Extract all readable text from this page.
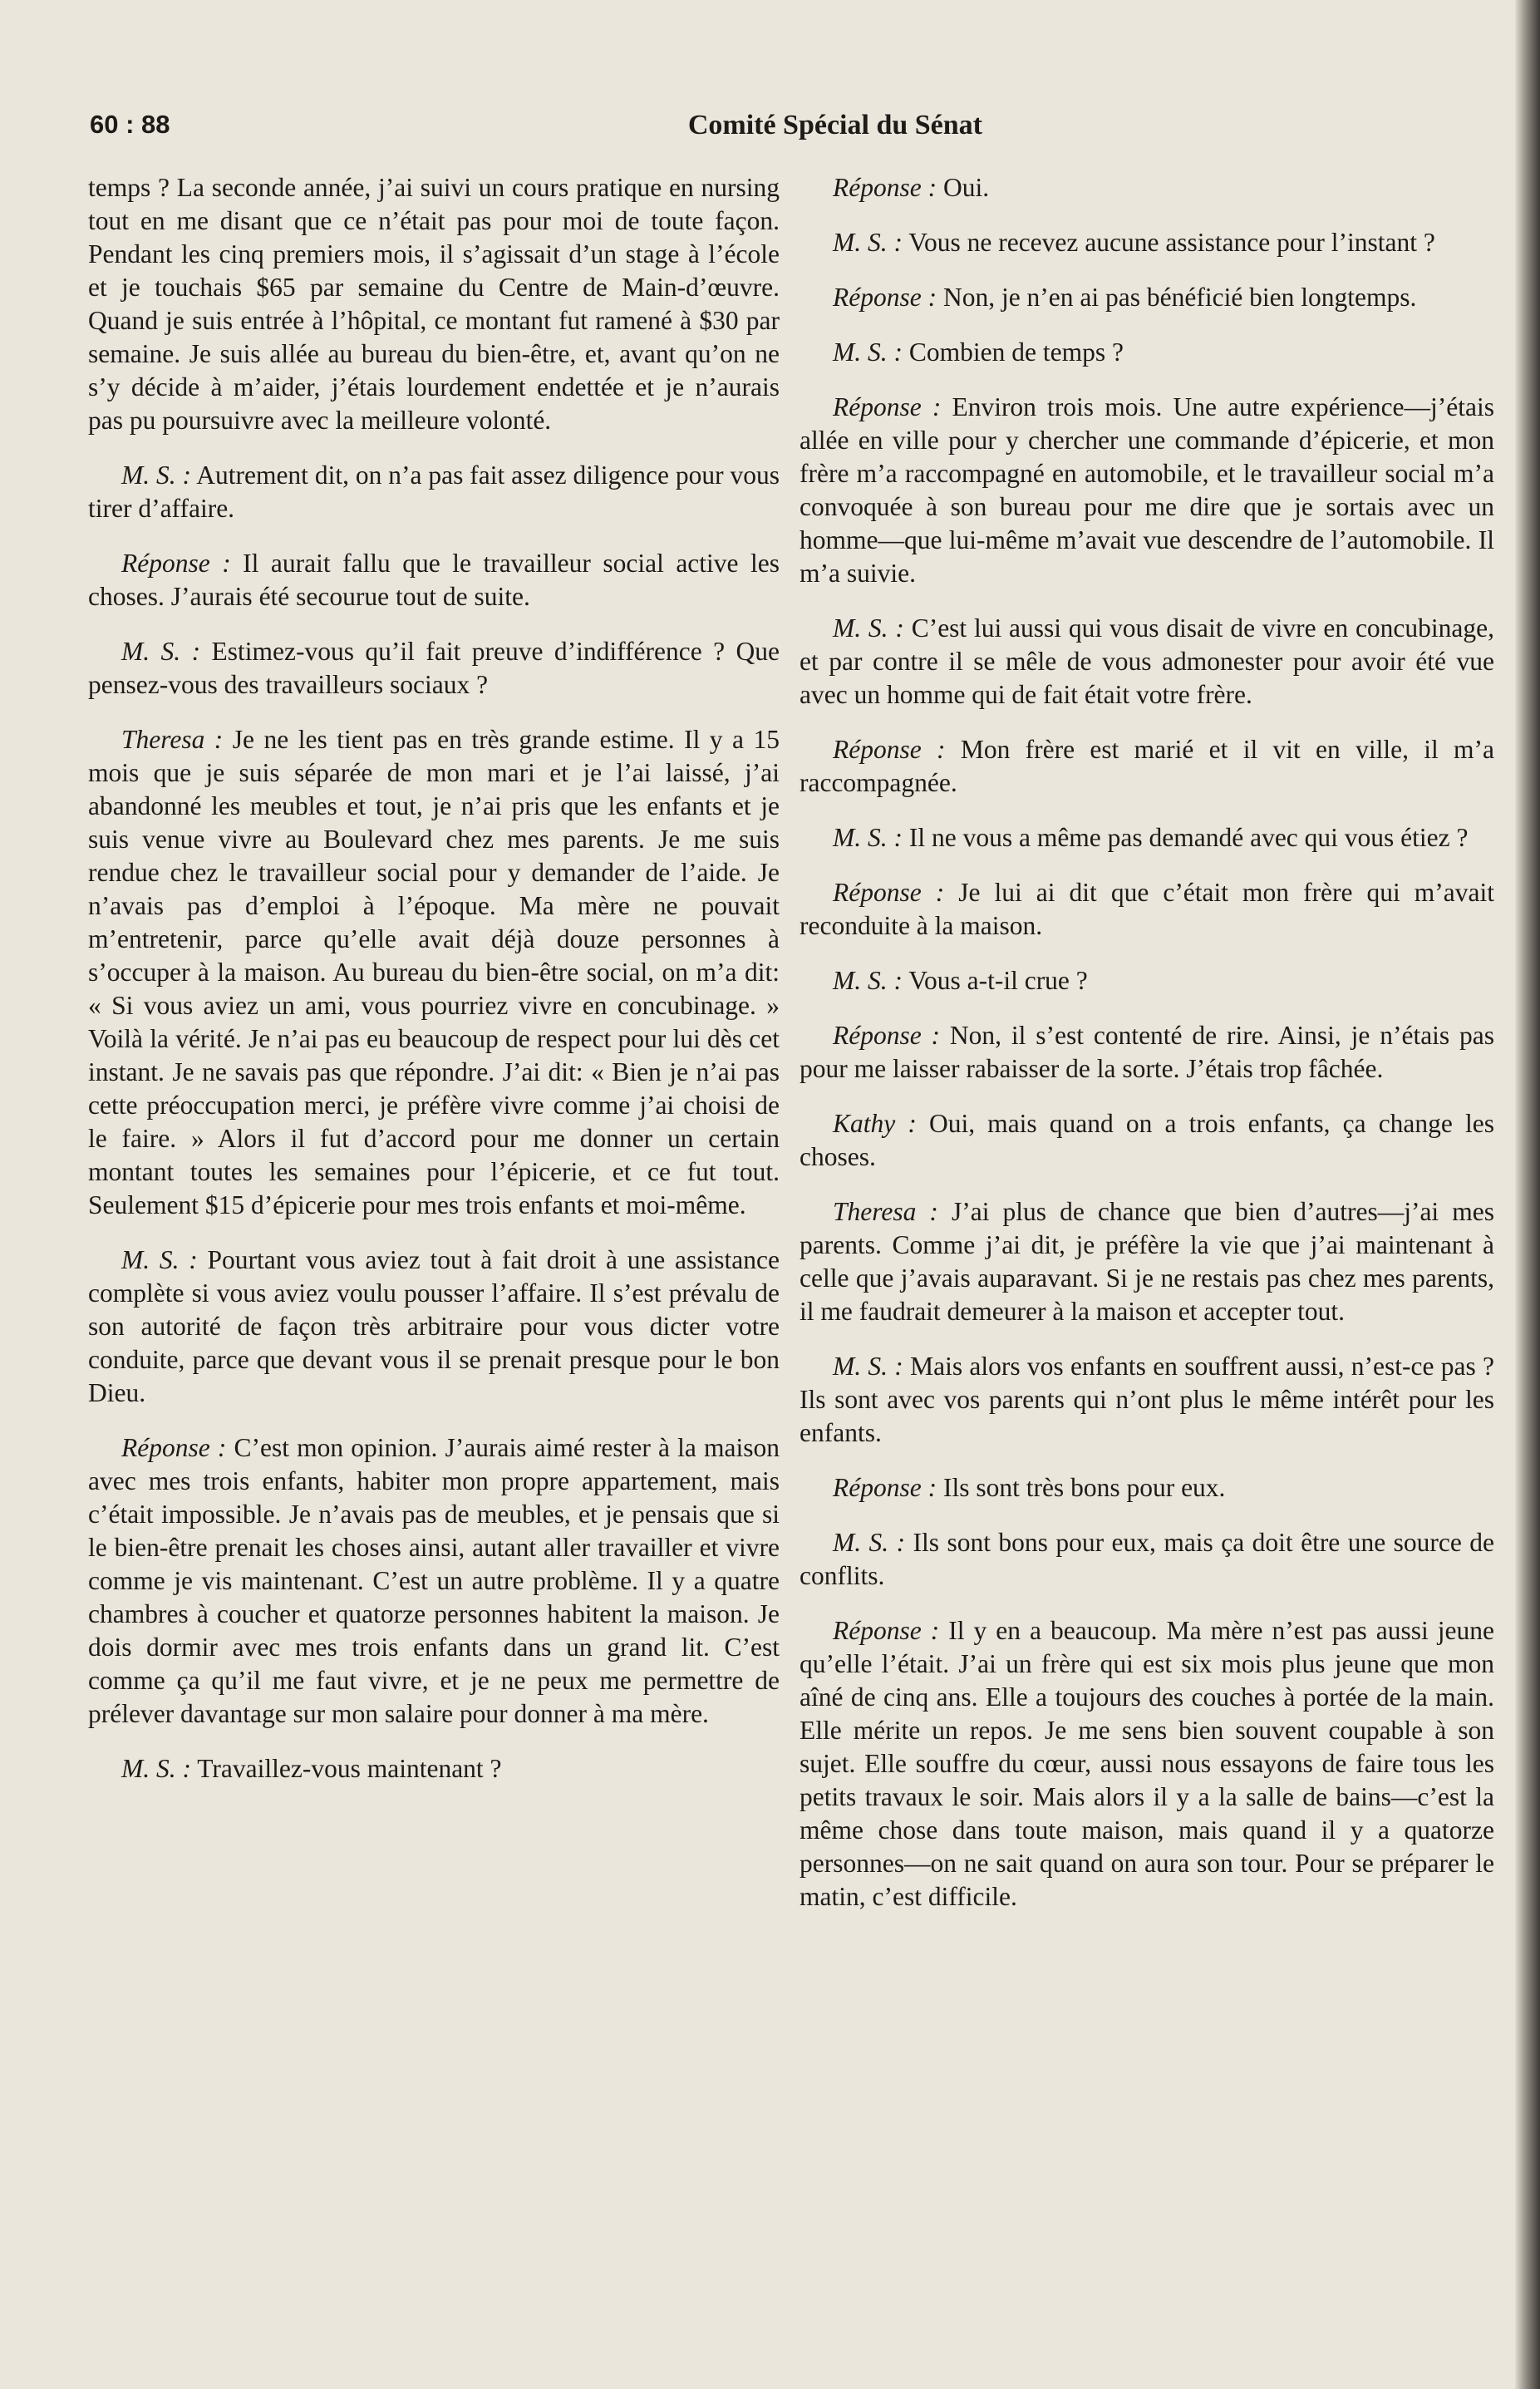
60 : 88	Comité Spécial du Sénat

temps ? La seconde année, j’ai suivi un cours pratique en nursing tout en me disant que ce n’était pas pour moi de toute façon. Pendant les cinq premiers mois, il s’agissait d’un stage à l’école et je touchais $65 par semaine du Centre de Main-d’œuvre. Quand je suis entrée à l’hôpital, ce montant fut ramené à $30 par semaine. Je suis allée au bureau du bien-être, et, avant qu’on ne s’y décide à m’aider, j’étais lourdement endettée et je n’aurais pas pu poursuivre avec la meilleure volonté.

M. S. : Autrement dit, on n’a pas fait assez diligence pour vous tirer d’affaire.

Réponse : Il aurait fallu que le travailleur social active les choses. J’aurais été secourue tout de suite.

M. S. : Estimez-vous qu’il fait preuve d’indifférence ? Que pensez-vous des travailleurs sociaux ?

Theresa : Je ne les tient pas en très grande estime. Il y a 15 mois que je suis séparée de mon mari et je l’ai laissé, j’ai abandonné les meubles et tout, je n’ai pris que les enfants et je suis venue vivre au Boulevard chez mes parents. Je me suis rendue chez le travailleur social pour y demander de l’aide. Je n’avais pas d’emploi à l’époque. Ma mère ne pouvait m’entretenir, parce qu’elle avait déjà douze personnes à s’occuper à la maison. Au bureau du bien-être social, on m’a dit: « Si vous aviez un ami, vous pourriez vivre en concubinage. » Voilà la vérité. Je n’ai pas eu beaucoup de respect pour lui dès cet instant. Je ne savais pas que répondre. J’ai dit: « Bien je n’ai pas cette préoccupation merci, je préfère vivre comme j’ai choisi de le faire. » Alors il fut d’accord pour me donner un certain montant toutes les semaines pour l’épicerie, et ce fut tout. Seulement $15 d’épicerie pour mes trois enfants et moi-même.

M. S. : Pourtant vous aviez tout à fait droit à une assistance complète si vous aviez voulu pousser l’affaire. Il s’est prévalu de son autorité de façon très arbitraire pour vous dicter votre conduite, parce que devant vous il se prenait presque pour le bon Dieu.

Réponse : C’est mon opinion. J’aurais aimé rester à la maison avec mes trois enfants, habiter mon propre appartement, mais c’était impossible. Je n’avais pas de meubles, et je pensais que si le bien-être prenait les choses ainsi, autant aller travailler et vivre comme je vis maintenant. C’est un autre problème. Il y a quatre chambres à coucher et quatorze personnes habitent la maison. Je dois dormir avec mes trois enfants dans un grand lit. C’est comme ça qu’il me faut vivre, et je ne peux me permettre de prélever davantage sur mon salaire pour donner à ma mère.

M. S. : Travaillez-vous maintenant ?

Réponse : Oui.

M. S. : Vous ne recevez aucune assistance pour l’instant ?

Réponse : Non, je n’en ai pas bénéficié bien longtemps.

M. S. : Combien de temps ?

Réponse : Environ trois mois. Une autre expérience—j’étais allée en ville pour y chercher une commande d’épicerie, et mon frère m’a raccompagné en automobile, et le travailleur social m’a convoquée à son bureau pour me dire que je sortais avec un homme—que lui-même m’avait vue descendre de l’automobile. Il m’a suivie.

M. S. : C’est lui aussi qui vous disait de vivre en concubinage, et par contre il se mêle de vous admonester pour avoir été vue avec un homme qui de fait était votre frère.

Réponse : Mon frère est marié et il vit en ville, il m’a raccompagnée.

M. S. : Il ne vous a même pas demandé avec qui vous étiez ?

Réponse : Je lui ai dit que c’était mon frère qui m’avait reconduite à la maison.

M. S. : Vous a-t-il crue ?

Réponse : Non, il s’est contenté de rire. Ainsi, je n’étais pas pour me laisser rabaisser de la sorte. J’étais trop fâchée.

Kathy : Oui, mais quand on a trois enfants, ça change les choses.

Theresa : J’ai plus de chance que bien d’autres—j’ai mes parents. Comme j’ai dit, je préfère la vie que j’ai maintenant à celle que j’avais auparavant. Si je ne restais pas chez mes parents, il me faudrait demeurer à la maison et accepter tout.

M. S. : Mais alors vos enfants en souffrent aussi, n’est-ce pas ? Ils sont avec vos parents qui n’ont plus le même intérêt pour les enfants.

Réponse : Ils sont très bons pour eux.

M. S. : Ils sont bons pour eux, mais ça doit être une source de conflits.

Réponse : Il y en a beaucoup. Ma mère n’est pas aussi jeune qu’elle l’était. J’ai un frère qui est six mois plus jeune que mon aîné de cinq ans. Elle a toujours des couches à portée de la main. Elle mérite un repos. Je me sens bien souvent coupable à son sujet. Elle souffre du cœur, aussi nous essayons de faire tous les petits travaux le soir. Mais alors il y a la salle de bains—c’est la même chose dans toute maison, mais quand il y a quatorze personnes—on ne sait quand on aura son tour. Pour se préparer le matin, c’est difficile.
